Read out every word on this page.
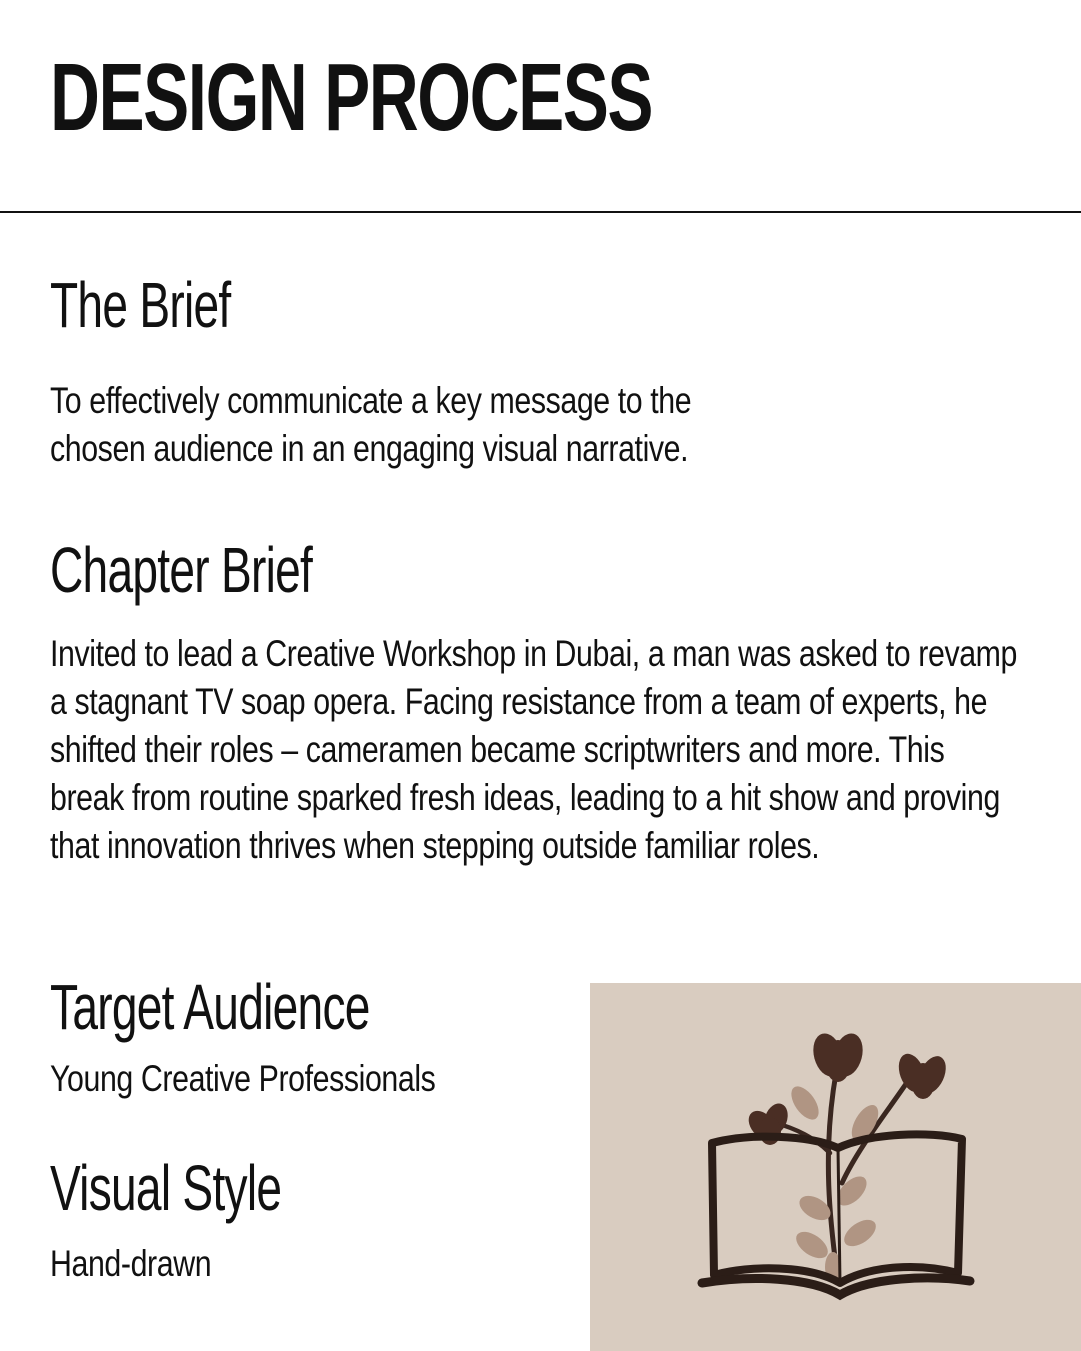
DESIGN PROCESS
The Brief

To effectively communicate a key message to the chosen audience in an engaging visual narrative.

Chapter Brief

Invited to lead a Creative Workshop in Dubai, a man was asked to revamp a stagnant TV soap opera. Facing resistance from a team of experts, he shifted their roles – cameramen became scriptwriters and more. This break from routine sparked fresh ideas, leading to a hit show and proving that innovation thrives when stepping outside familiar roles.

Target Audience

Young Creative Professionals

Visual Style

Hand-drawn
